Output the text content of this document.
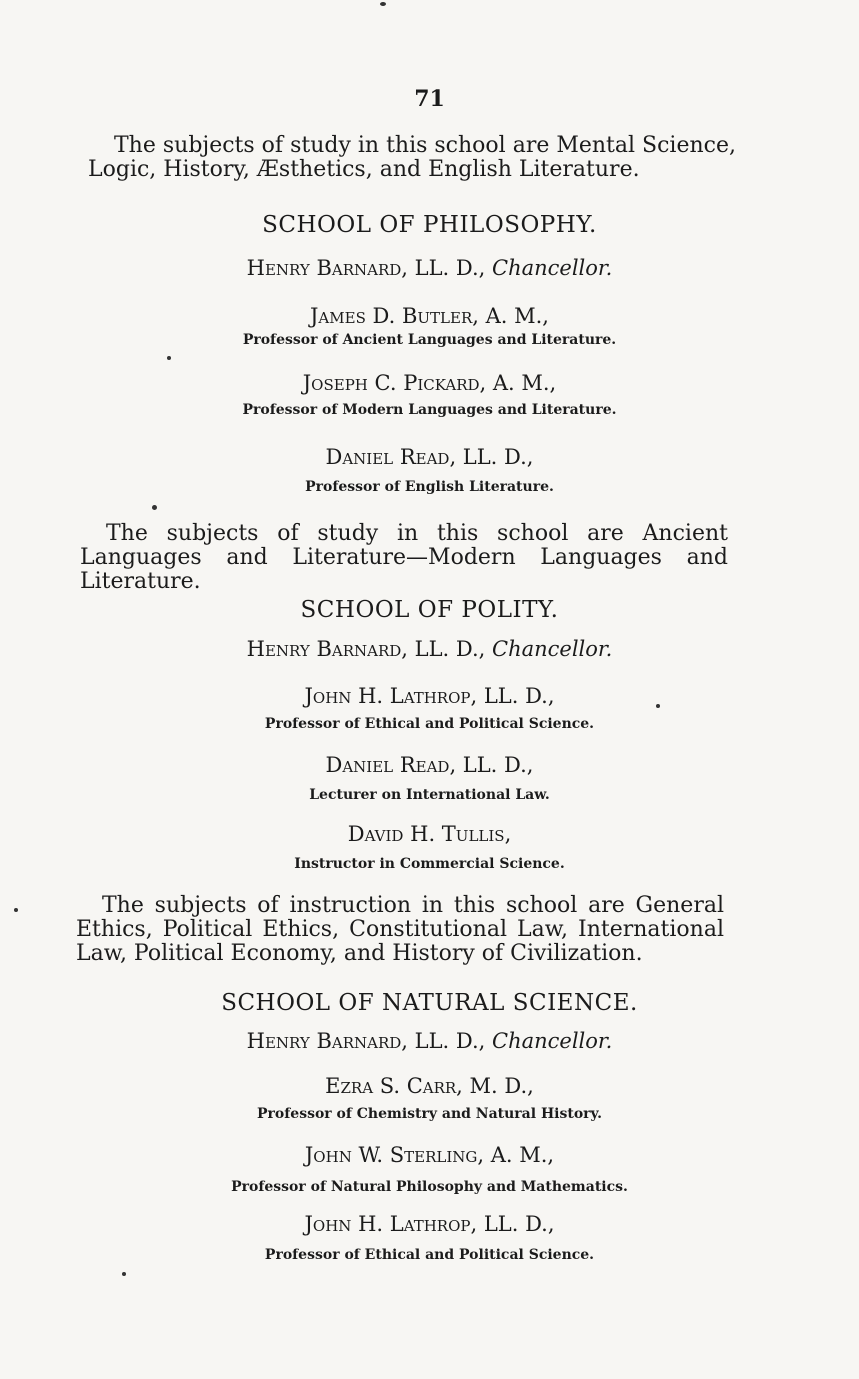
71
The subjects of study in this school are Mental Science, Logic, History, Æsthetics, and English Literature.
SCHOOL OF PHILOSOPHY.
Henry Barnard, LL. D., Chancellor.
James D. Butler, A. M.,
Professor of Ancient Languages and Literature.
Joseph C. Pickard, A. M.,
Professor of Modern Languages and Literature.
Daniel Read, LL. D.,
Professor of English Literature.
The subjects of study in this school are Ancient Languages and Literature—Modern Languages and Literature.
SCHOOL OF POLITY.
Henry Barnard, LL. D., Chancellor.
John H. Lathrop, LL. D.,
Professor of Ethical and Political Science.
Daniel Read, LL. D.,
Lecturer on International Law.
David H. Tullis,
Instructor in Commercial Science.
The subjects of instruction in this school are General Ethics, Political Ethics, Constitutional Law, International Law, Political Economy, and History of Civilization.
SCHOOL OF NATURAL SCIENCE.
Henry Barnard, LL. D., Chancellor.
Ezra S. Carr, M. D.,
Professor of Chemistry and Natural History.
John W. Sterling, A. M.,
Professor of Natural Philosophy and Mathematics.
John H. Lathrop, LL. D.,
Professor of Ethical and Political Science.
